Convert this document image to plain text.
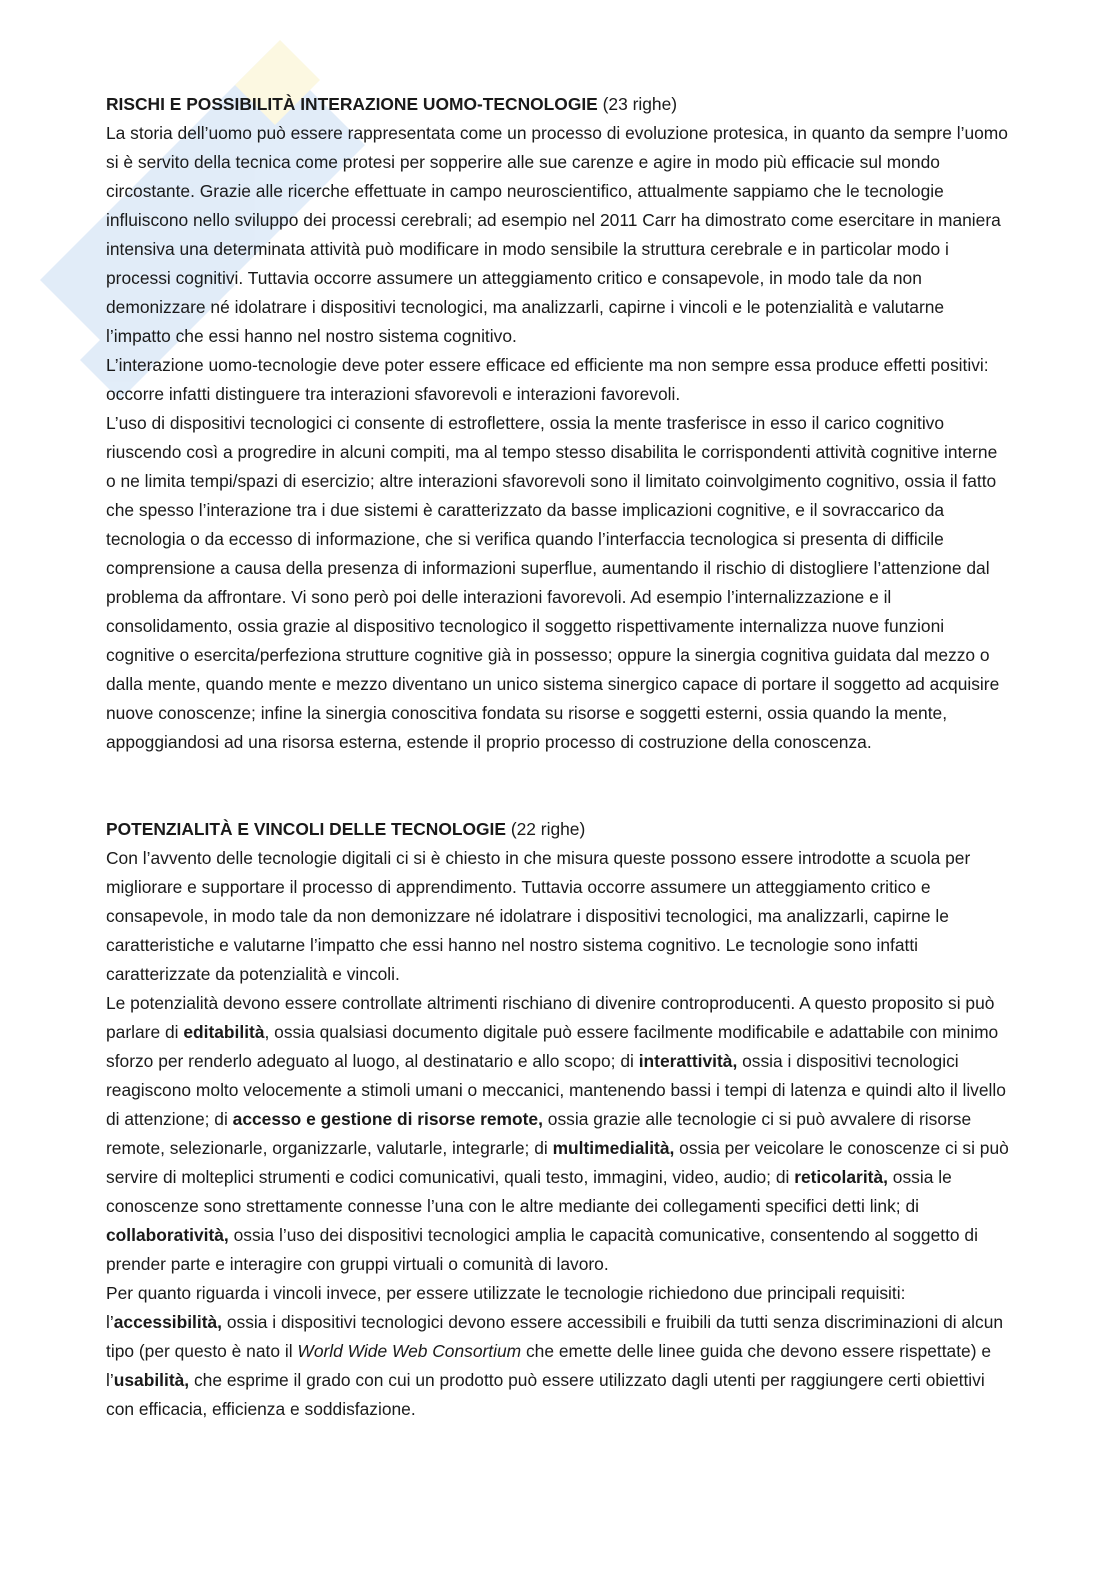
RISCHI E POSSIBILITÀ INTERAZIONE UOMO-TECNOLOGIE (23 righe)

La storia dell’uomo può essere rappresentata come un processo di evoluzione protesica, in quanto da sempre l’uomo si è servito della tecnica come protesi per sopperire alle sue carenze e agire in modo più efficacie sul mondo circostante. Grazie alle ricerche effettuate in campo neuroscientifico, attualmente sappiamo che le tecnologie influiscono nello sviluppo dei processi cerebrali; ad esempio nel 2011 Carr ha dimostrato come esercitare in maniera intensiva una determinata attività può modificare in modo sensibile la struttura cerebrale e in particolar modo i processi cognitivi. Tuttavia occorre assumere un atteggiamento critico e consapevole, in modo tale da non demonizzare né idolatrare i dispositivi tecnologici, ma analizzarli, capirne i vincoli e le potenzialità e valutarne l’impatto che essi hanno nel nostro sistema cognitivo.

L’interazione uomo-tecnologie deve poter essere efficace ed efficiente ma non sempre essa produce effetti positivi: occorre infatti distinguere tra interazioni sfavorevoli e interazioni favorevoli.

L’uso di dispositivi tecnologici ci consente di estroflettere, ossia la mente trasferisce in esso il carico cognitivo riuscendo così a progredire in alcuni compiti, ma al tempo stesso disabilita le corrispondenti attività cognitive interne o ne limita tempi/spazi di esercizio; altre interazioni sfavorevoli sono il limitato coinvolgimento cognitivo, ossia il fatto che spesso l’interazione tra i due sistemi è caratterizzato da basse implicazioni cognitive, e il sovraccarico da tecnologia o da eccesso di informazione, che si verifica quando l’interfaccia tecnologica si presenta di difficile comprensione a causa della presenza di informazioni superflue, aumentando il rischio di distogliere l’attenzione dal problema da affrontare. Vi sono però poi delle interazioni favorevoli. Ad esempio l’internalizzazione e il consolidamento, ossia grazie al dispositivo tecnologico il soggetto rispettivamente internalizza nuove funzioni cognitive o esercita/perfeziona strutture cognitive già in possesso; oppure la sinergia cognitiva guidata dal mezzo o dalla mente, quando mente e mezzo diventano un unico sistema sinergico capace di portare il soggetto ad acquisire nuove conoscenze; infine la sinergia conoscitiva fondata su risorse e soggetti esterni, ossia quando la mente, appoggiandosi ad una risorsa esterna, estende il proprio processo di costruzione della conoscenza.

POTENZIALITÀ E VINCOLI DELLE TECNOLOGIE (22 righe)

Con l’avvento delle tecnologie digitali ci si è chiesto in che misura queste possono essere introdotte a scuola per migliorare e supportare il processo di apprendimento. Tuttavia occorre assumere un atteggiamento critico e consapevole, in modo tale da non demonizzare né idolatrare i dispositivi tecnologici, ma analizzarli, capirne le caratteristiche e valutarne l’impatto che essi hanno nel nostro sistema cognitivo. Le tecnologie sono infatti caratterizzate da potenzialità e vincoli.

Le potenzialità devono essere controllate altrimenti rischiano di divenire controproducenti. A questo proposito si può parlare di editabilità, ossia qualsiasi documento digitale può essere facilmente modificabile e adattabile con minimo sforzo per renderlo adeguato al luogo, al destinatario e allo scopo; di interattività, ossia i dispositivi tecnologici reagiscono molto velocemente a stimoli umani o meccanici, mantenendo bassi i tempi di latenza e quindi alto il livello di attenzione; di accesso e gestione di risorse remote, ossia grazie alle tecnologie ci si può avvalere di risorse remote, selezionarle, organizzarle, valutarle, integrarle; di multimedialità, ossia per veicolare le conoscenze ci si può servire di molteplici strumenti e codici comunicativi, quali testo, immagini, video, audio; di reticolarità, ossia le conoscenze sono strettamente connesse l’una con le altre mediante dei collegamenti specifici detti link; di collaboratività, ossia l’uso dei dispositivi tecnologici amplia le capacità comunicative, consentendo al soggetto di prender parte e interagire con gruppi virtuali o comunità di lavoro.

Per quanto riguarda i vincoli invece, per essere utilizzate le tecnologie richiedono due principali requisiti: l’accessibilità, ossia i dispositivi tecnologici devono essere accessibili e fruibili da tutti senza discriminazioni di alcun tipo (per questo è nato il World Wide Web Consortium che emette delle linee guida che devono essere rispettate) e l’usabilità, che esprime il grado con cui un prodotto può essere utilizzato dagli utenti per raggiungere certi obiettivi con efficacia, efficienza e soddisfazione.
